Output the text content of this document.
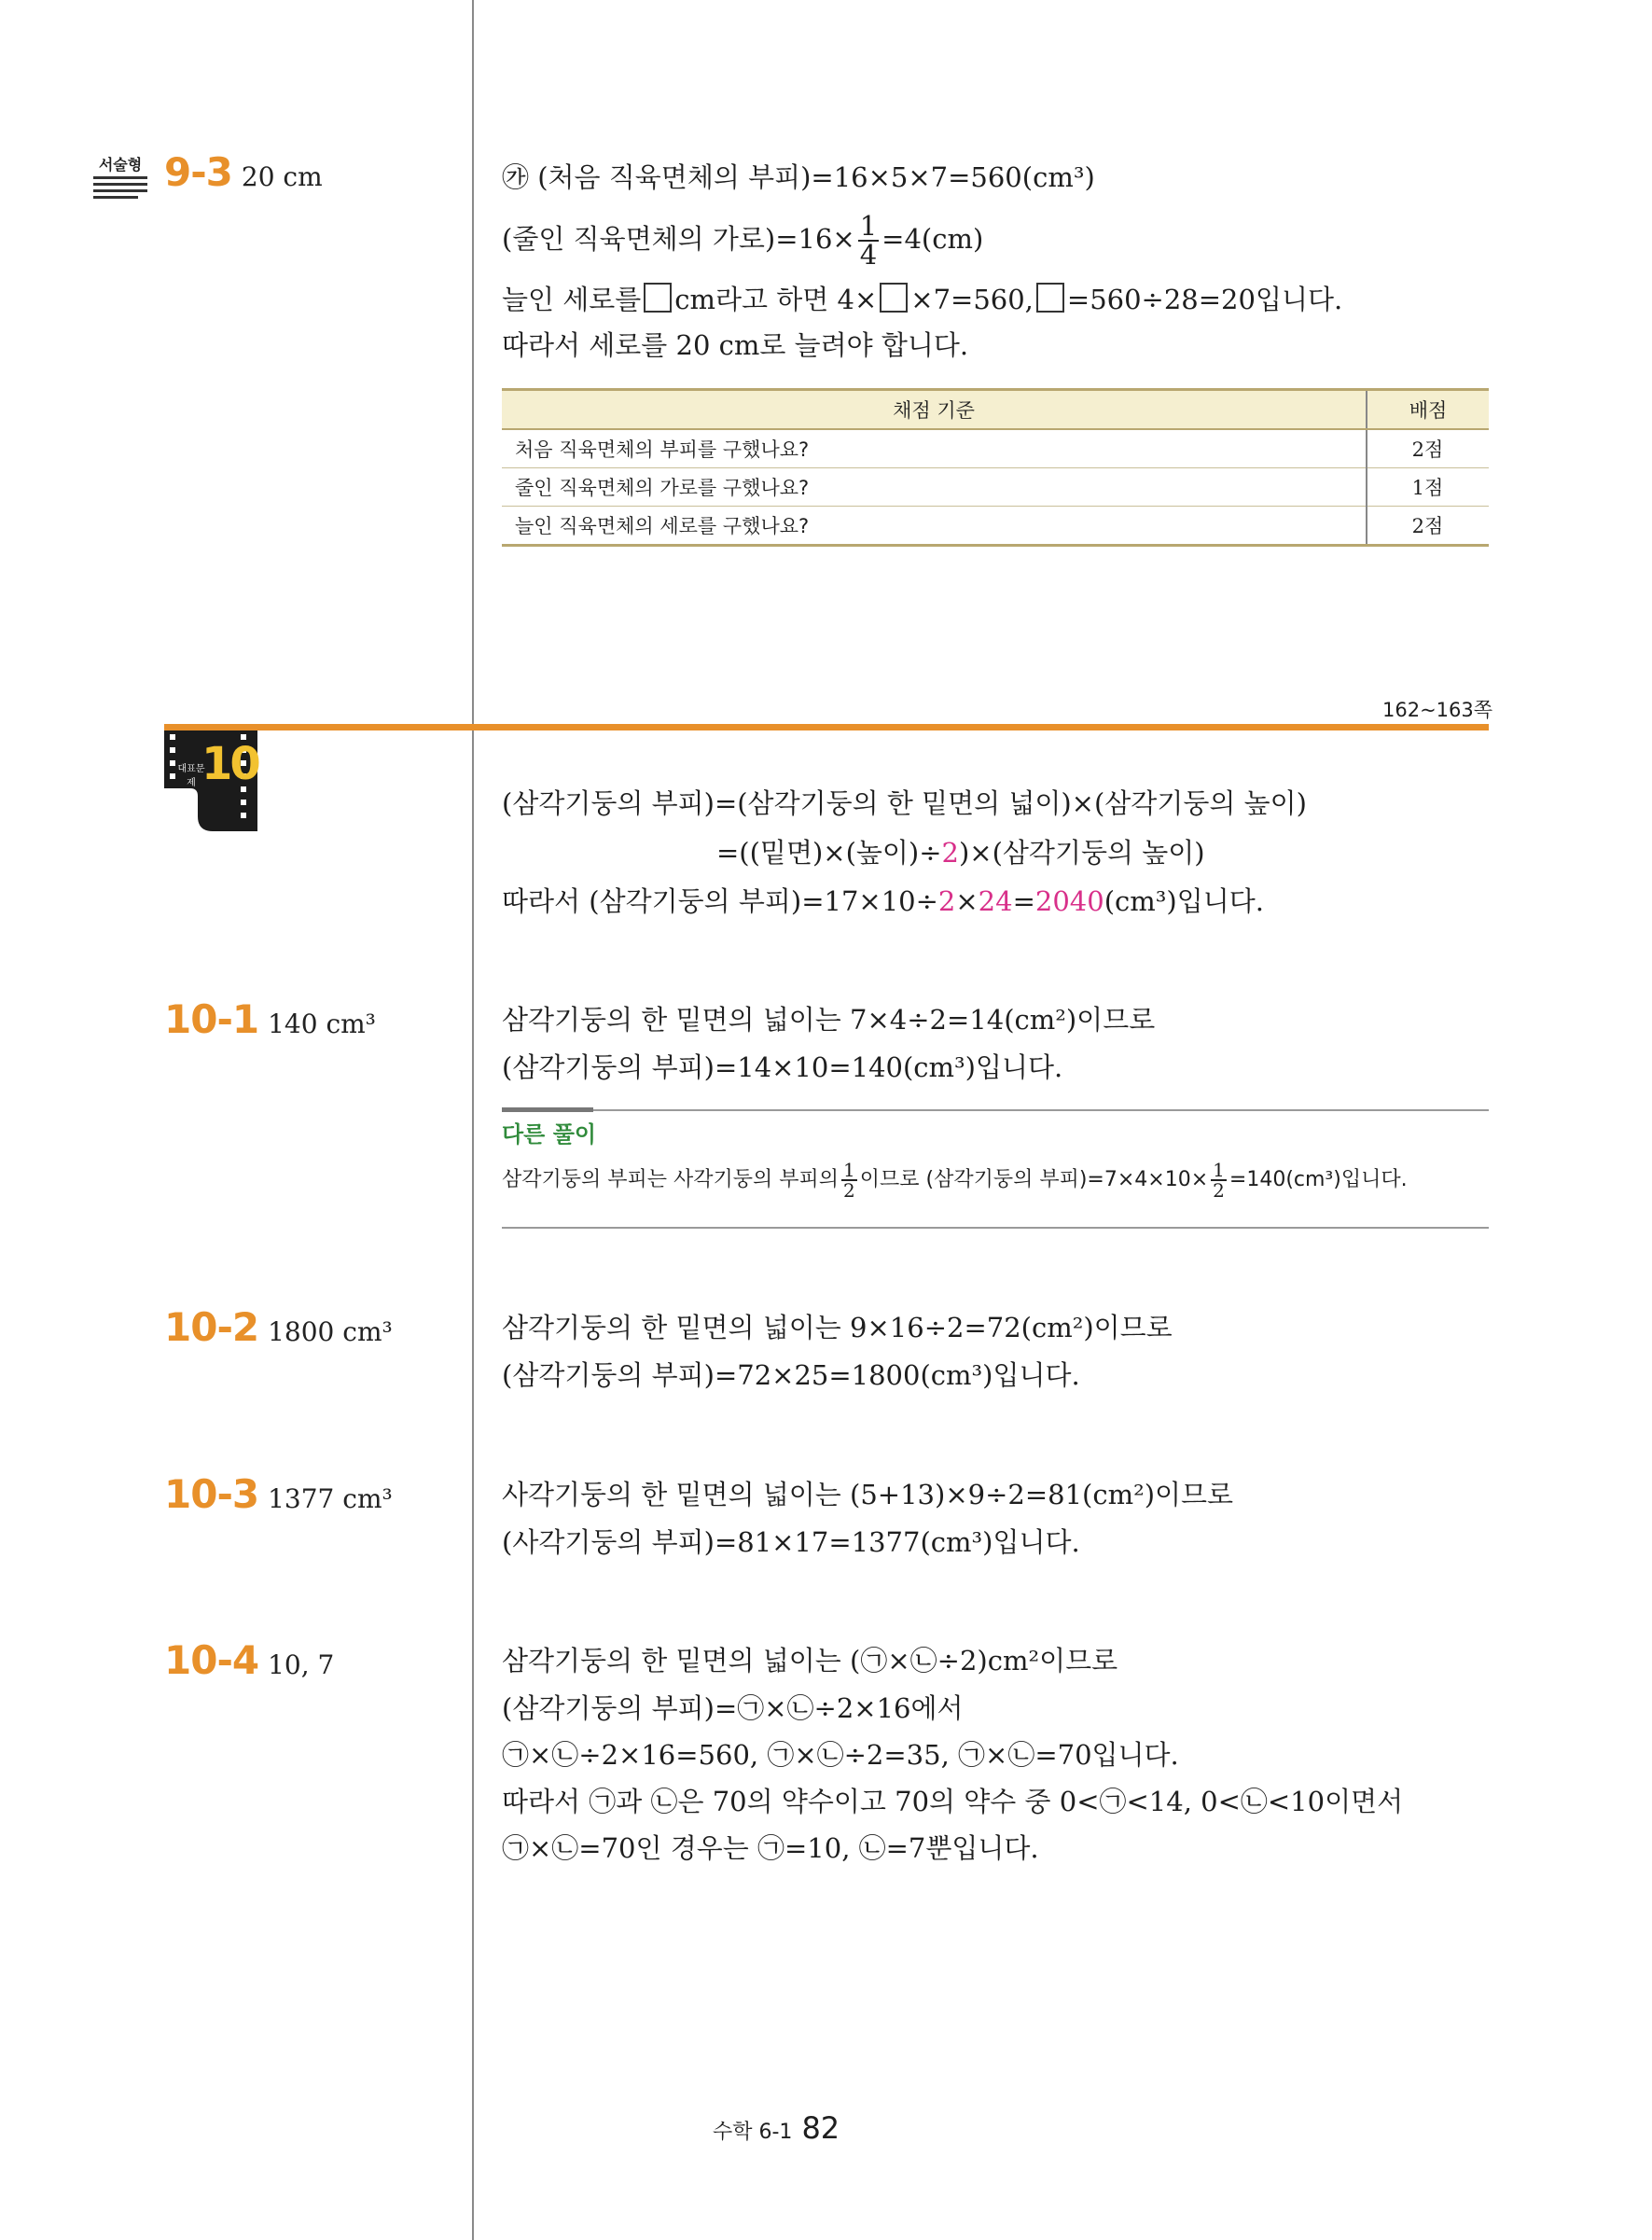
서술형 9-3 20 cm	㉮ (처음 직육면체의 부피)=16×5×7=560(cm³)
(줄인 직육면체의 가로)$=16\times \frac{1}{4} =4(cm)$
늘인 세로를 cm라고 하면 4× ×7=560, =560÷28=20입니다.
따라서 세로를 20 cm로 늘려야 합니다.
채점 기준	배점
처음 직육면체의 부피를 구했나요?	2점
줄인 직육면체의 가로를 구했나요?	1점
늘인 직육면체의 세로를 구했나요?	2점
162~163쪽
대표문제 10
(삼각기둥의 부피)=(삼각기둥의 한 밑면의 넓이)×(삼각기둥의 높이)
=((밑면)×(높이)÷2)×(삼각기둥의 높이)
따라서 (삼각기둥의 부피)=17×10÷2×24=2040(cm³)입니다.
10-1 140 cm³	삼각기둥의 한 밑면의 넓이는 7×4÷2=14(cm²)이므로
(삼각기둥의 부피)=14×10=140(cm³)입니다.
다른 풀이
삼각기둥의 부피는 사각기둥의 부피의 $\frac{1}{2}$ 이므로 (삼각기둥의 부피)$=7\times 4\times 10\times \frac{1}{2} =140(cm^3)$입니다.
10-2 1800 cm³	삼각기둥의 한 밑면의 넓이는 9×16÷2=72(cm²)이므로
(삼각기둥의 부피)=72×25=1800(cm³)입니다.
10-3 1377 cm³	사각기둥의 한 밑면의 넓이는 (5+13)×9÷2=81(cm²)이므로
(사각기둥의 부피)=81×17=1377(cm³)입니다.
10-4 10, 7	삼각기둥의 한 밑면의 넓이는 (㉠×㉡÷2)cm²이므로
(삼각기둥의 부피)=㉠×㉡÷2×16에서
㉠×㉡÷2×16=560, ㉠×㉡÷2=35, ㉠×㉡=70입니다.
따라서 ㉠과 ㉡은 70의 약수이고 70의 약수 중 0<㉠<14, 0<㉡<10이면서
㉠×㉡=70인 경우는 ㉠=10, ㉡=7뿐입니다.
수학 6-1 82
